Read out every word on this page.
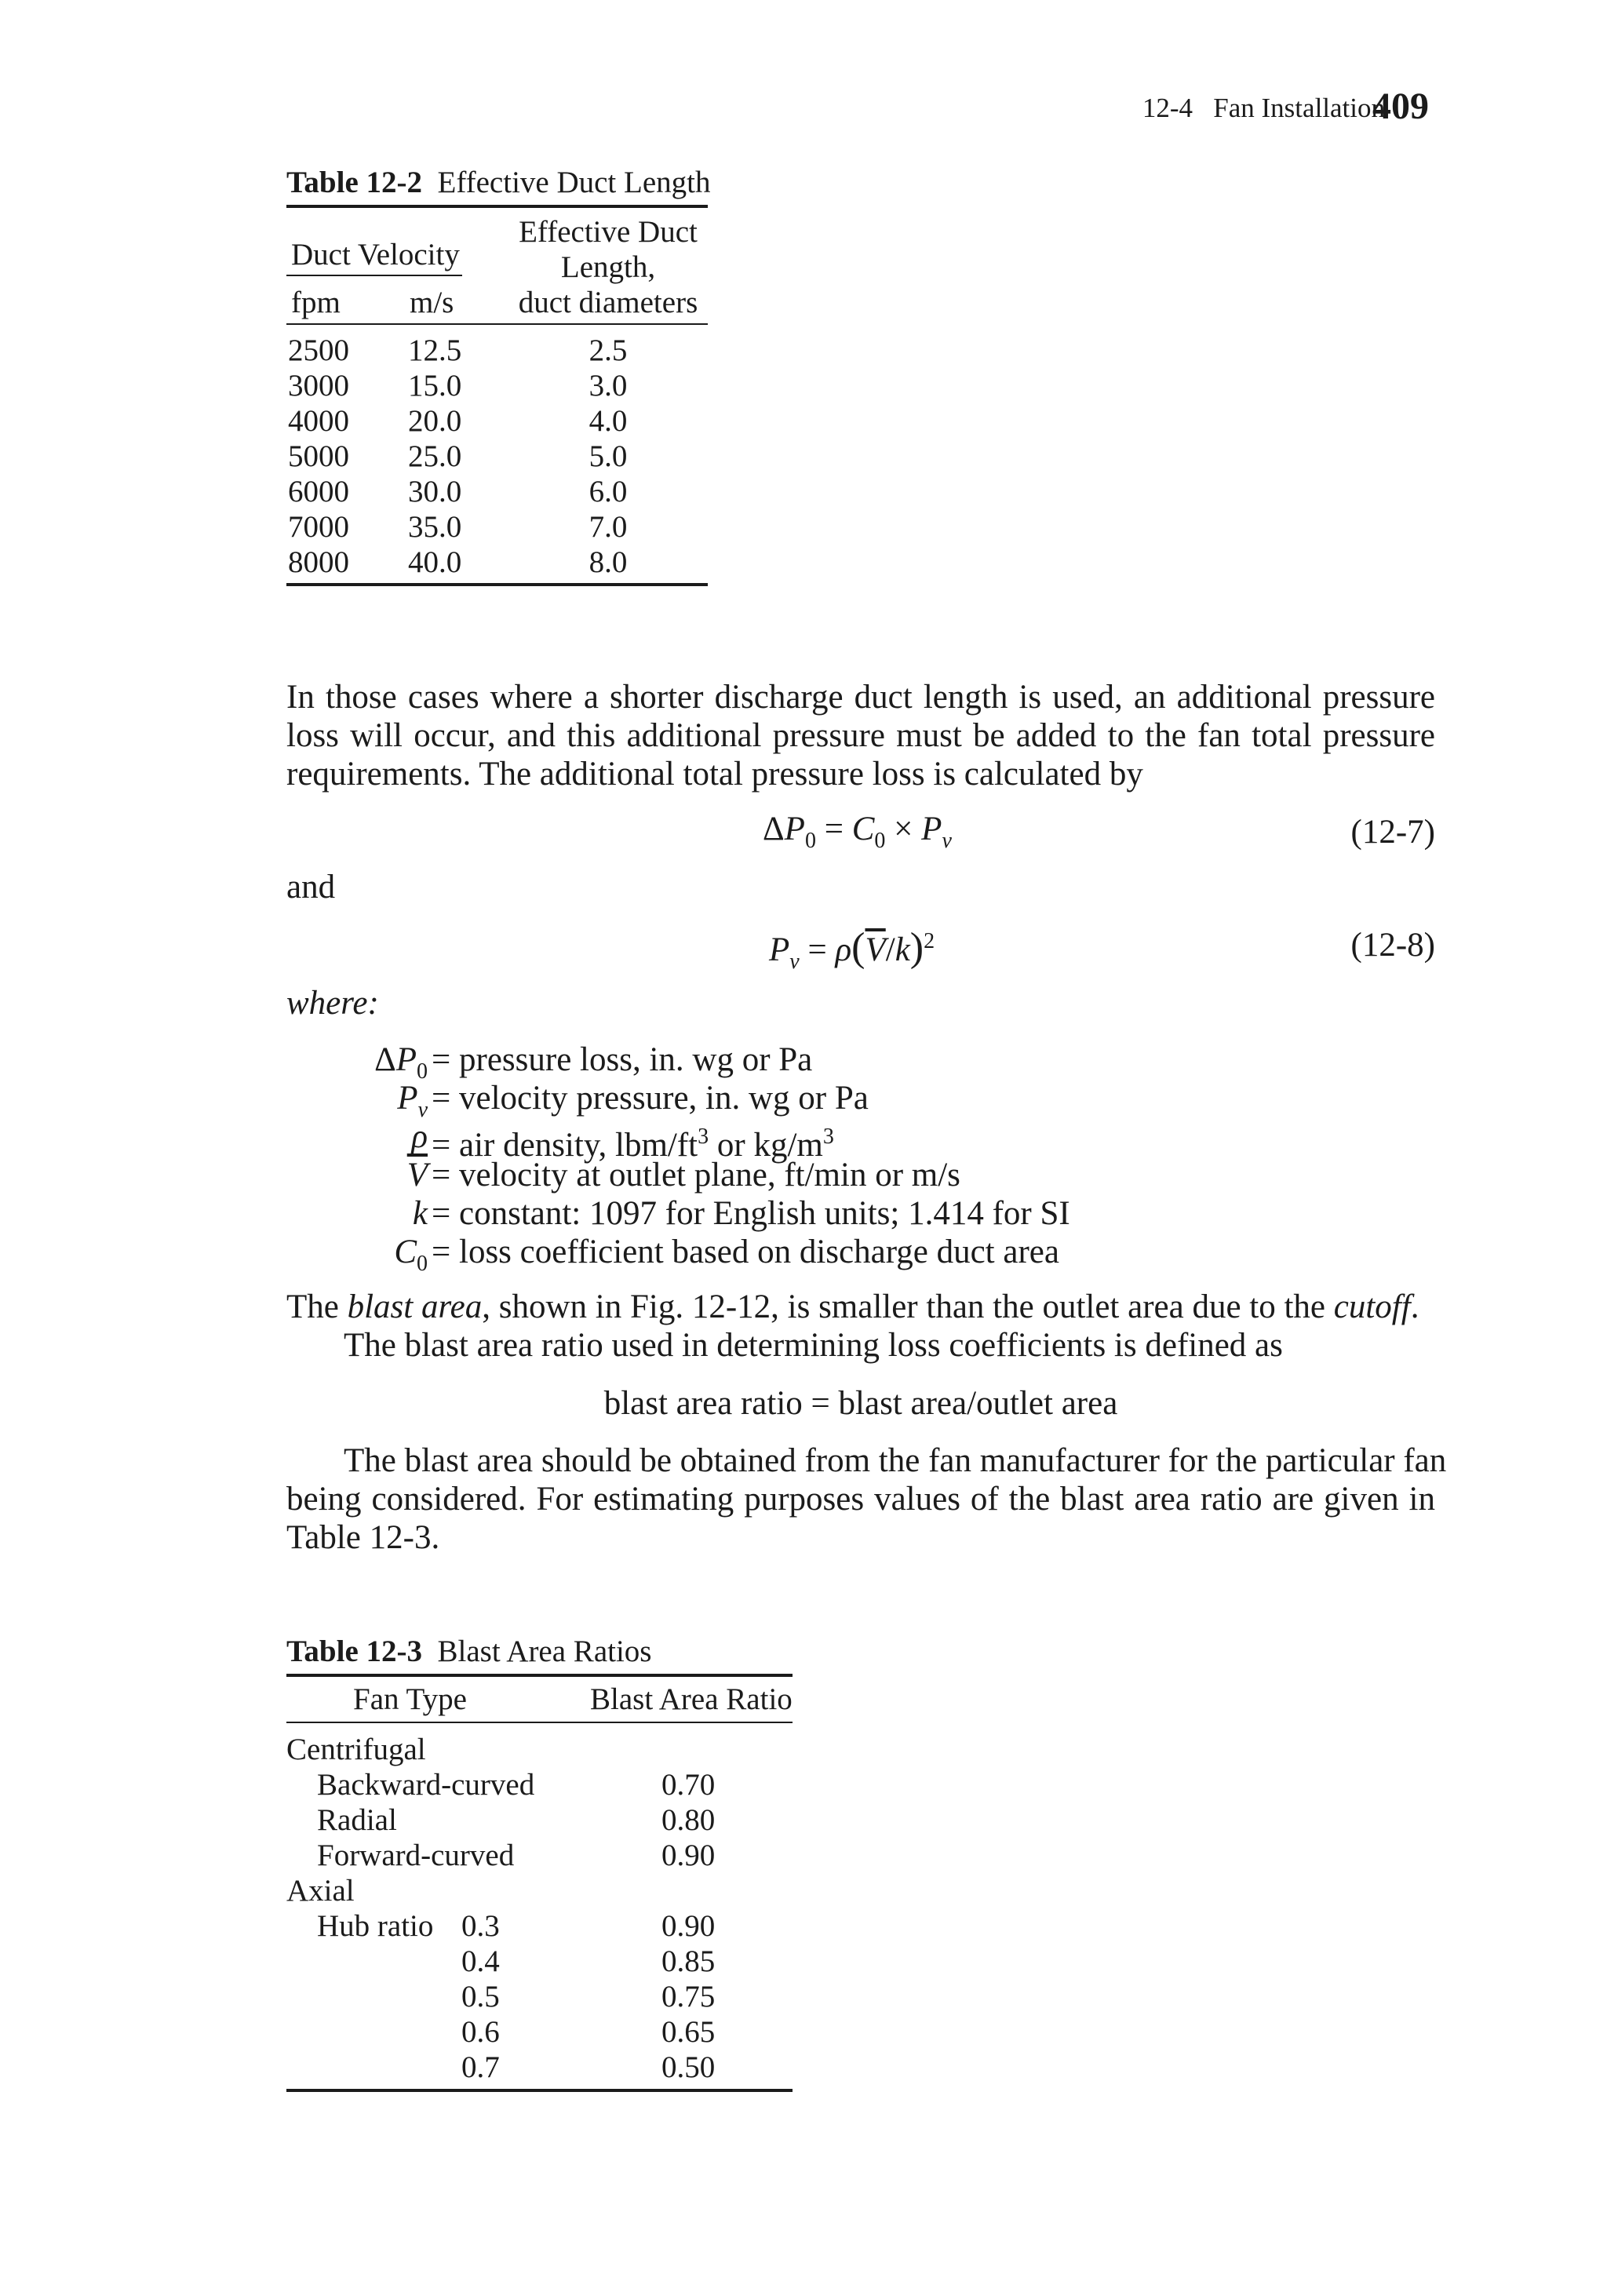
12-4   Fan Installation
409
Table 12-2 Effective Duct Length
Duct Velocity
Effective Duct
Length,
duct diameters
fpm m/s
2500 12.5	2.5
3000 15.0	3.0
4000 20.0	4.0
5000 25.0	5.0
6000 30.0	6.0
7000 35.0	7.0
8000 40.0	8.0
In those cases where a shorter discharge duct length is used, an additional pressure
loss will occur, and this additional pressure must be added to the fan total pressure
requirements. The additional total pressure loss is calculated by
$\Delta P_0 = C_0 \times P_v$	(12-7)
and
$P_v = \rho(\overline{V}/k)^2$	(12-8)
where:
$\Delta P_0$ = pressure loss, in. wg or Pa
$P_v$ = velocity pressure, in. wg or Pa
ρ = air density, lbm/$ft^3$ or $kg/m^3$
$\overline{V}$ = velocity at outlet plane, ft/min or m/s
k = constant: 1097 for English units; 1.414 for SI
$C_0$ = loss coefficient based on discharge duct area
The blast area, shown in Fig. 12-12, is smaller than the outlet area due to the cutoff.
The blast area ratio used in determining loss coefficients is defined as
blast area ratio = blast area/outlet area
The blast area should be obtained from the fan manufacturer for the particular fan
being considered. For estimating purposes values of the blast area ratio are given in
Table 12-3.
Table 12-3 Blast Area Ratios
Fan Type	Blast Area Ratio
Centrifugal
Backward-curved	0.70
Radial	0.80
Forward-curved	0.90
Axial
Hub ratio 0.3	0.90
0.4	0.85
0.5	0.75
0.6	0.65
0.7	0.50
